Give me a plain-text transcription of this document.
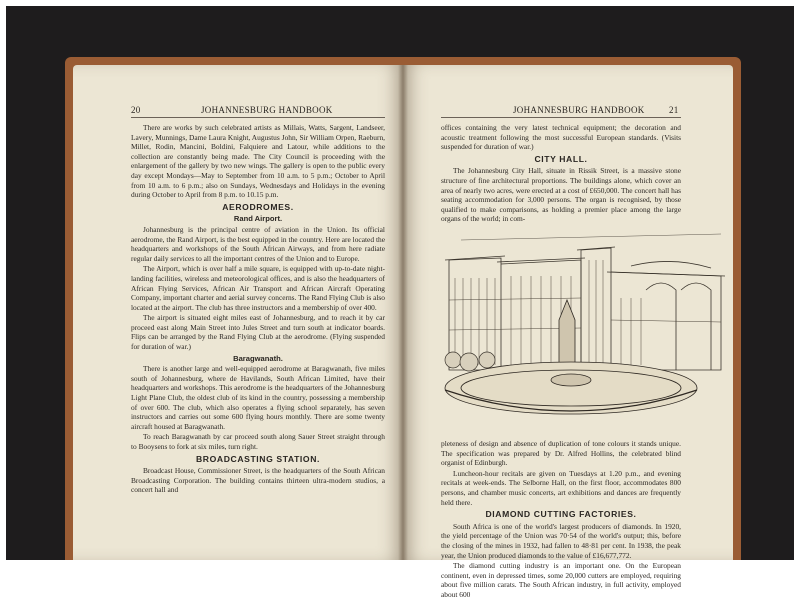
20	JOHANNESBURG HANDBOOK

There are works by such celebrated artists as Millais, Watts, Sargent, Landseer, Lavery, Munnings, Dame Laura Knight, Augustus John, Sir William Orpen, Raeburn, Millet, Rodin, Mancini, Boldini, Falquiere and Latour, while additions to the collection are constantly being made. The City Council is proceeding with the enlargement of the gallery by two new wings. The gallery is open to the public every day except Mondays—May to September from 10 a.m. to 5 p.m.; October to April from 10 a.m. to 6 p.m.; also on Sundays, Wednesdays and Holidays in the evening during October to April from 8 p.m. to 10.15 p.m.

AERODROMES.
Rand Airport.

Johannesburg is the principal centre of aviation in the Union. Its official aerodrome, the Rand Airport, is the best equipped in the country. Here are located the headquarters and workshops of the South African Airways, and from here radiate regular daily services to all the important centres of the Union and to Europe.

The Airport, which is over half a mile square, is equipped with up-to-date night-landing facilities, wireless and meteorological offices, and is also the headquarters of African Flying Services, African Air Transport and African Aircraft Operating Company, important charter and aerial survey concerns. The Rand Flying Club is also located at the airport. The club has three instructors and a membership of over 400.

The airport is situated eight miles east of Johannesburg, and to reach it by car proceed east along Main Street into Jules Street and turn south at indicator boards. Flips can be arranged by the Rand Flying Club at the aerodrome. (Flying suspended for duration of war.)

Baragwanath.

There is another large and well-equipped aerodrome at Baragwanath, five miles south of Johannesburg, where de Havilands, South African Limited, have their headquarters and workshops. This aerodrome is the headquarters of the Johannesburg Light Plane Club, the oldest club of its kind in the country, possessing a membership of over 600. The club, which also operates a flying school separately, has seven instructors and carries out some 600 flying hours monthly. There are some twenty aircraft housed at Baragwanath.

To reach Baragwanath by car proceed south along Sauer Street straight through to Booysens to fork at six miles, turn right.

BROADCASTING STATION.

Broadcast House, Commissioner Street, is the headquarters of the South African Broadcasting Corporation. The building contains thirteen ultra-modern studios, a concert hall and

JOHANNESBURG HANDBOOK	21

offices containing the very latest technical equipment; the decoration and acoustic treatment following the most successful European standards. (Visits suspended for duration of war.)

CITY HALL.

The Johannesburg City Hall, situate in Rissik Street, is a massive stone structure of fine architectural proportions. The buildings alone, which cover an area of nearly two acres, were erected at a cost of £650,000. The concert hall has seating accommodation for 3,000 persons. The organ is recognised, by those qualified to make comparisons, as holding a premier place among the large organs of the world; in com-

pleteness of design and absence of duplication of tone colours it stands unique. The specification was prepared by Dr. Alfred Hollins, the celebrated blind organist of Edinburgh.

Luncheon-hour recitals are given on Tuesdays at 1.20 p.m., and evening recitals at week-ends. The Selborne Hall, on the first floor, accommodates 800 persons, and chamber music concerts, art exhibitions and dances are frequently held there.

DIAMOND CUTTING FACTORIES.

South Africa is one of the world's largest producers of diamonds. In 1920, the yield percentage of the Union was 70·54 of the world's output; this, before the closing of the mines in 1932, had fallen to 48·81 per cent. In 1938, the peak year, the Union produced diamonds to the value of £16,677,772.

The diamond cutting industry is an important one. On the European continent, even in depressed times, some 20,000 cutters are employed, requiring about five million carats. The South African industry, in full activity, employed about 600
